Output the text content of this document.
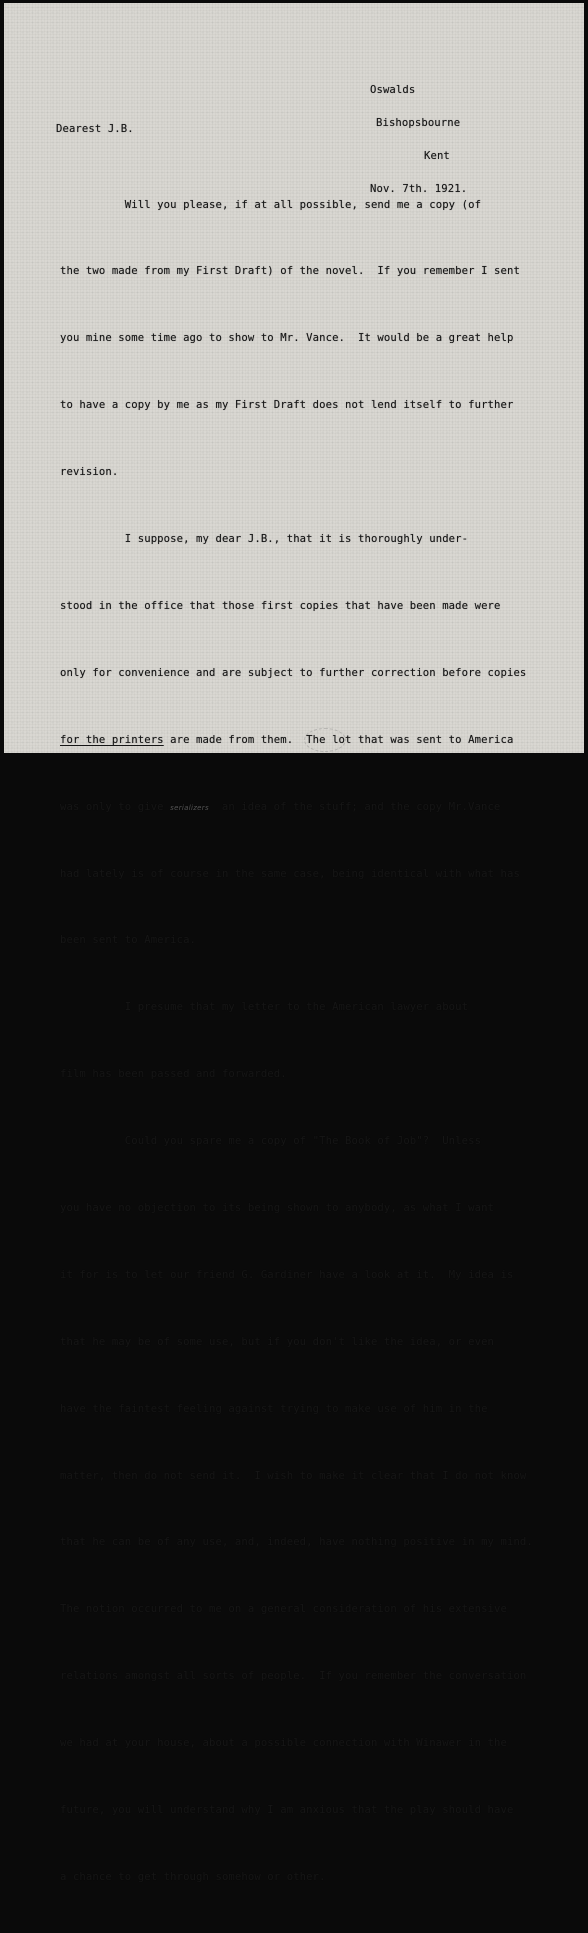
Oswalds

Bishopsbourne

Kent

Nov. 7th. 1921.

Dearest J.B.

Will you please, if at all possible, send me a copy (of

the two made from my First Draft) of the novel.  If you remember I sent

you mine some time ago to show to Mr. Vance.  It would be a great help

to have a copy by me as my First Draft does not lend itself to further

revision.

I suppose, my dear J.B., that it is thoroughly under-

stood in the office that those first copies that have been made were

only for convenience and are subject to further correction before copies

for the printers are made from them.  The lot that was sent to America

was only to give serializers  an idea of the stuff; and the copy Mr.Vance

had lately is of course in the same case, being identical with what has

been sent to America.

I presume that my letter to the American lawyer about

film has been passed and forwarded.

Could you spare me a copy of "The Book of Job"?  Unless

you have no objection to its being shown to anybody, as what I want

it for is to let our friend G. Gardiner have a look at it.  My idea is

that he may be of some use, but if you don't like the idea, or even

have the faintest feeling against trying to make use of him in the

matter, then do not send it.  I wish to make it clear that I do not know

that he can be of any use, and, indeed, have nothing positive in my mind.

The notion occurred to me on a general consideration of his extensive

relations amongst all sorts of people.  If you remember the conversation

we had at your house, about a possible connection with Winawer in the

future, you will understand why I am anxious that the play should have

a chance to get through somehow or other.
